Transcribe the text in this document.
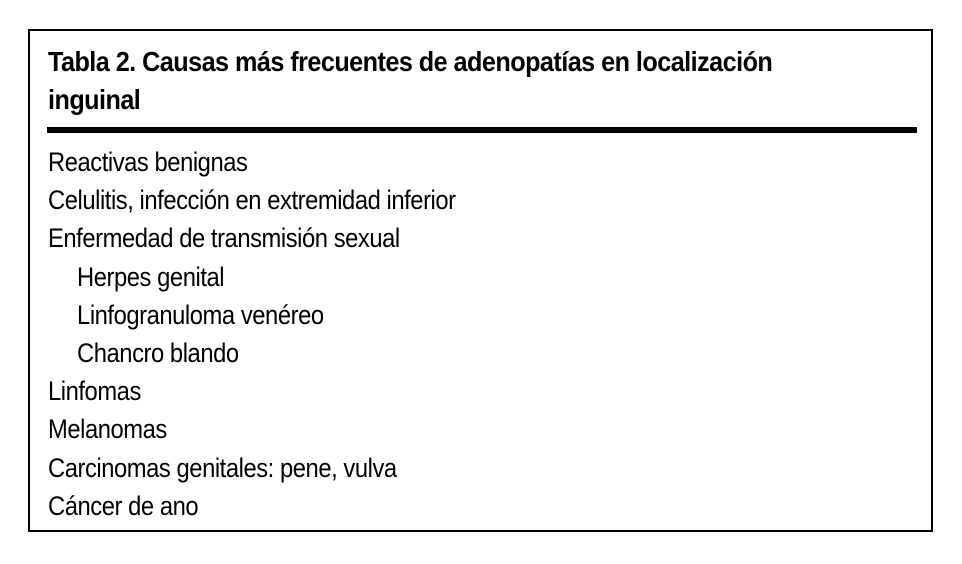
Tabla 2. Causas más frecuentes de adenopatías en localización inguinal
Reactivas benignas
Celulitis, infección en extremidad inferior
Enfermedad de transmisión sexual
Herpes genital
Linfogranuloma venéreo
Chancro blando
Linfomas
Melanomas
Carcinomas genitales: pene, vulva
Cáncer de ano
